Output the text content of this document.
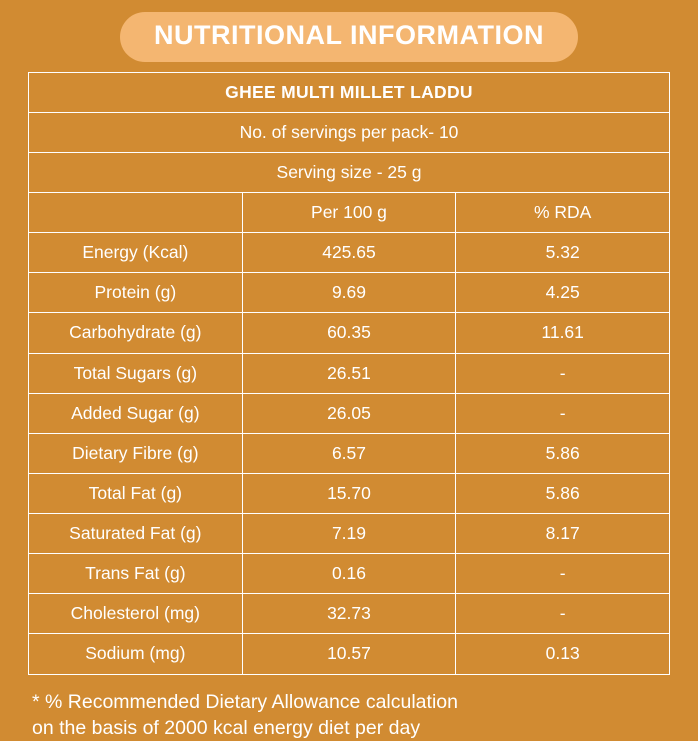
NUTRITIONAL INFORMATION
GHEE MULTI MILLET LADDU		
No. of servings per pack- 10		
Serving size - 25 g		
	Per 100 g	% RDA
Energy (Kcal)	425.65	5.32
Protein (g)	9.69	4.25
Carbohydrate (g)	60.35	11.61
Total Sugars (g)	26.51	-
Added Sugar (g)	26.05	-
Dietary Fibre (g)	6.57	5.86
Total Fat (g)	15.70	5.86
Saturated Fat (g)	7.19	8.17
Trans Fat (g)	0.16	-
Cholesterol (mg)	32.73	-
Sodium (mg)	10.57	0.13
* % Recommended Dietary Allowance calculation
on the basis of 2000 kcal energy diet per day
